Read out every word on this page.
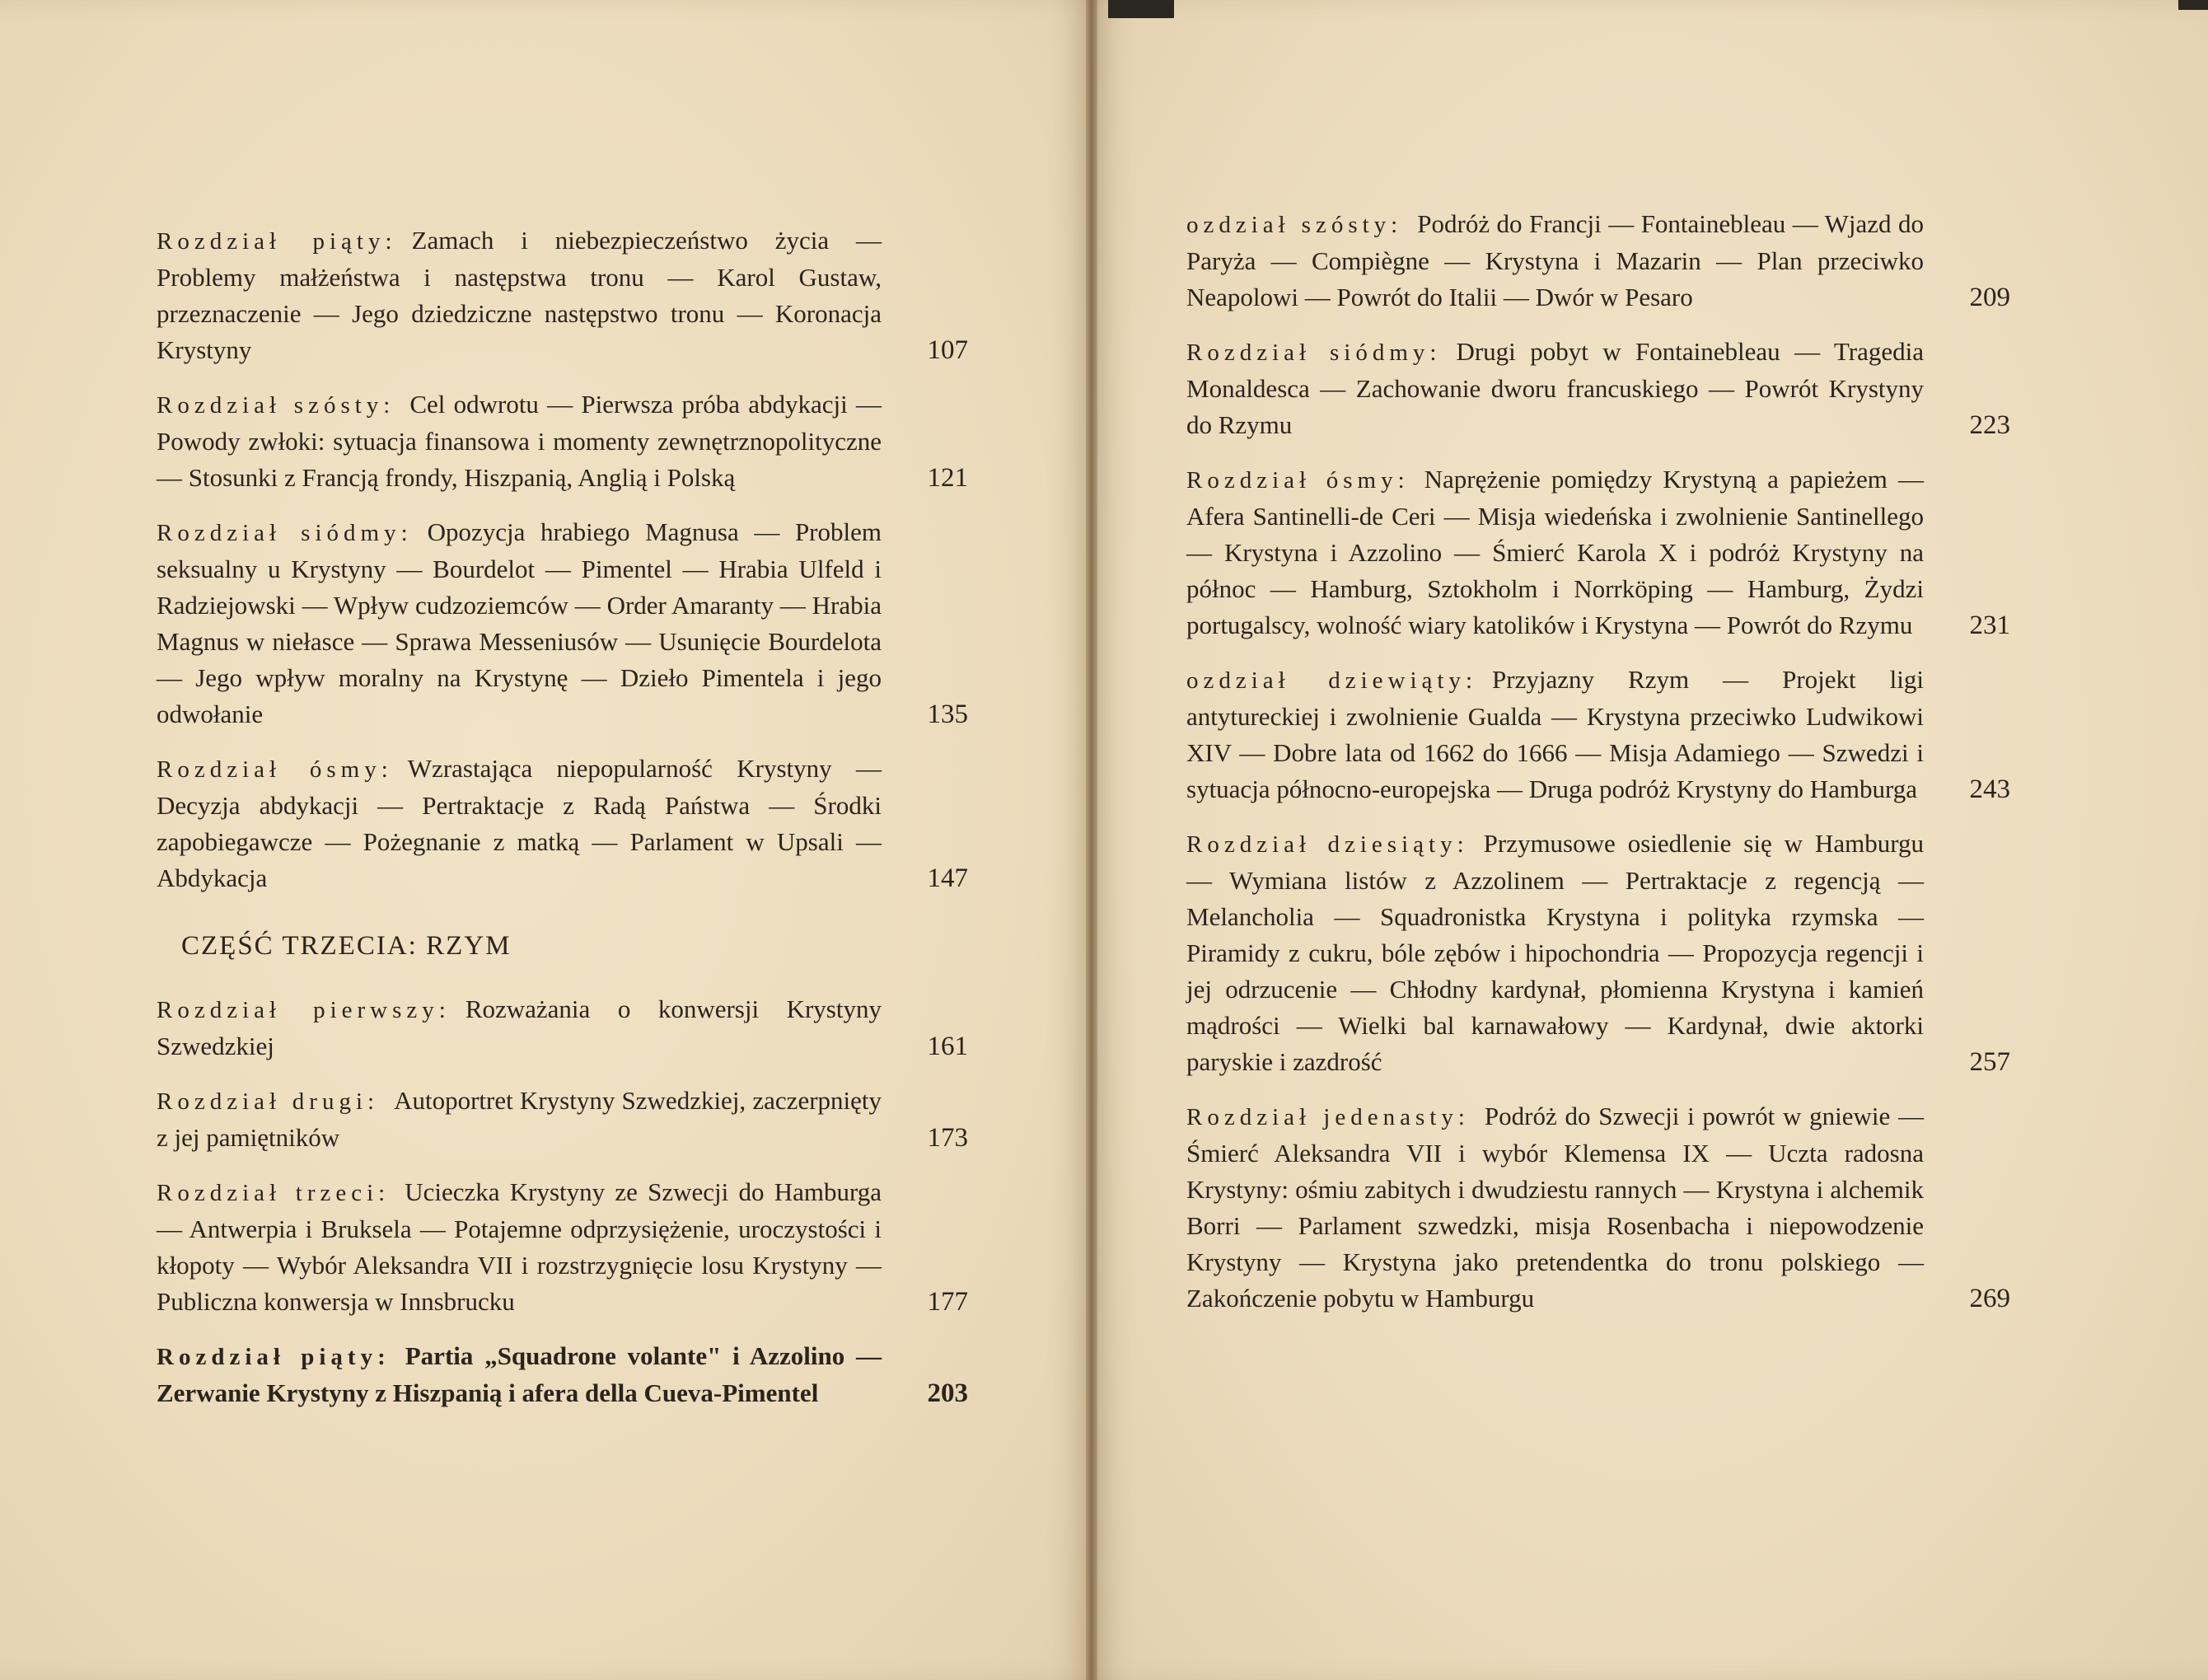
Rozdział piąty: Zamach i niebezpieczeństwo życia — Problemy małżeństwa i następstwa tronu — Karol Gustaw, przeznaczenie — Jego dziedziczne następstwo tronu — Koronacja Krystyny	107
Rozdział szósty: Cel odwrotu — Pierwsza próba abdykacji — Powody zwłoki: sytuacja finansowa i momenty zewnętrznopolityczne — Stosunki z Francją frondy, Hiszpanią, Anglią i Polską	121
Rozdział siódmy: Opozycja hrabiego Magnusa — Problem seksualny u Krystyny — Bourdelot — Pimentel — Hrabia Ulfeld i Radziejowski — Wpływ cudzoziemców — Order Amaranty — Hrabia Magnus w niełasce — Sprawa Messeniusów — Usunięcie Bourdelota — Jego wpływ moralny na Krystynę — Dzieło Pimentela i jego odwołanie	135
Rozdział ósmy: Wzrastająca niepopularność Krystyny — Decyzja abdykacji — Pertraktacje z Radą Państwa — Środki zapobiegawcze — Pożegnanie z matką — Parlament w Upsali — Abdykacja	147
CZĘŚĆ TRZECIA: RZYM
Rozdział pierwszy: Rozważania o konwersji Krystyny Szwedzkiej	161
Rozdział drugi: Autoportret Krystyny Szwedzkiej, zaczerpnięty z jej pamiętników	173
Rozdział trzeci: Ucieczka Krystyny ze Szwecji do Hamburga — Antwerpia i Bruksela — Potajemne odprzysiężenie, uroczystości i kłopoty — Wybór Aleksandra VII i rozstrzygnięcie losu Krystyny — Publiczna konwersja w Innsbrucku	177
Rozdział piąty: Partia „Squadrone volante" i Azzolino — Zerwanie Krystyny z Hiszpanią i afera della Cueva-Pimentel	203
ozdział szósty: Podróż do Francji — Fontainebleau — Wjazd do Paryża — Compiègne — Krystyna i Mazarin — Plan przeciwko Neapolowi — Powrót do Italii — Dwór w Pesaro	209
Rozdział siódmy: Drugi pobyt w Fontainebleau — Tragedia Monaldesca — Zachowanie dworu francuskiego — Powrót Krystyny do Rzymu	223
Rozdział ósmy: Naprężenie pomiędzy Krystyną a papieżem — Afera Santinelli-de Ceri — Misja wiedeńska i zwolnienie Santinellego — Krystyna i Azzolino — Śmierć Karola X i podróż Krystyny na północ — Hamburg, Sztokholm i Norrköping — Hamburg, Żydzi portugalscy, wolność wiary katolików i Krystyna — Powrót do Rzymu	231
ozdział dziewiąty: Przyjazny Rzym — Projekt ligi antytureckiej i zwolnienie Gualda — Krystyna przeciwko Ludwikowi XIV — Dobre lata od 1662 do 1666 — Misja Adamiego — Szwedzi i sytuacja północno-europejska — Druga podróż Krystyny do Hamburga 243
Rozdział dziesiąty: Przymusowe osiedlenie się w Hamburgu — Wymiana listów z Azzolinem — Pertraktacje z regencją — Melancholia — Squadronistka Krystyna i polityka rzymska — Piramidy z cukru, bóle zębów i hipochondria — Propozycja regencji i jej odrzucenie — Chłodny kardynał, płomienna Krystyna i kamień mądrości — Wielki bal karnawałowy — Kardynał, dwie aktorki paryskie i zazdrość	257
Rozdział jedenasty: Podróż do Szwecji i powrót w gniewie — Śmierć Aleksandra VII i wybór Klemensa IX — Uczta radosna Krystyny: ośmiu zabitych i dwudziestu rannych — Krystyna i alchemik Borri — Parlament szwedzki, misja Rosenbacha i niepowodzenie Krystyny — Krystyna jako pretendentka do tronu polskiego — Zakończenie pobytu w Hamburgu	269
